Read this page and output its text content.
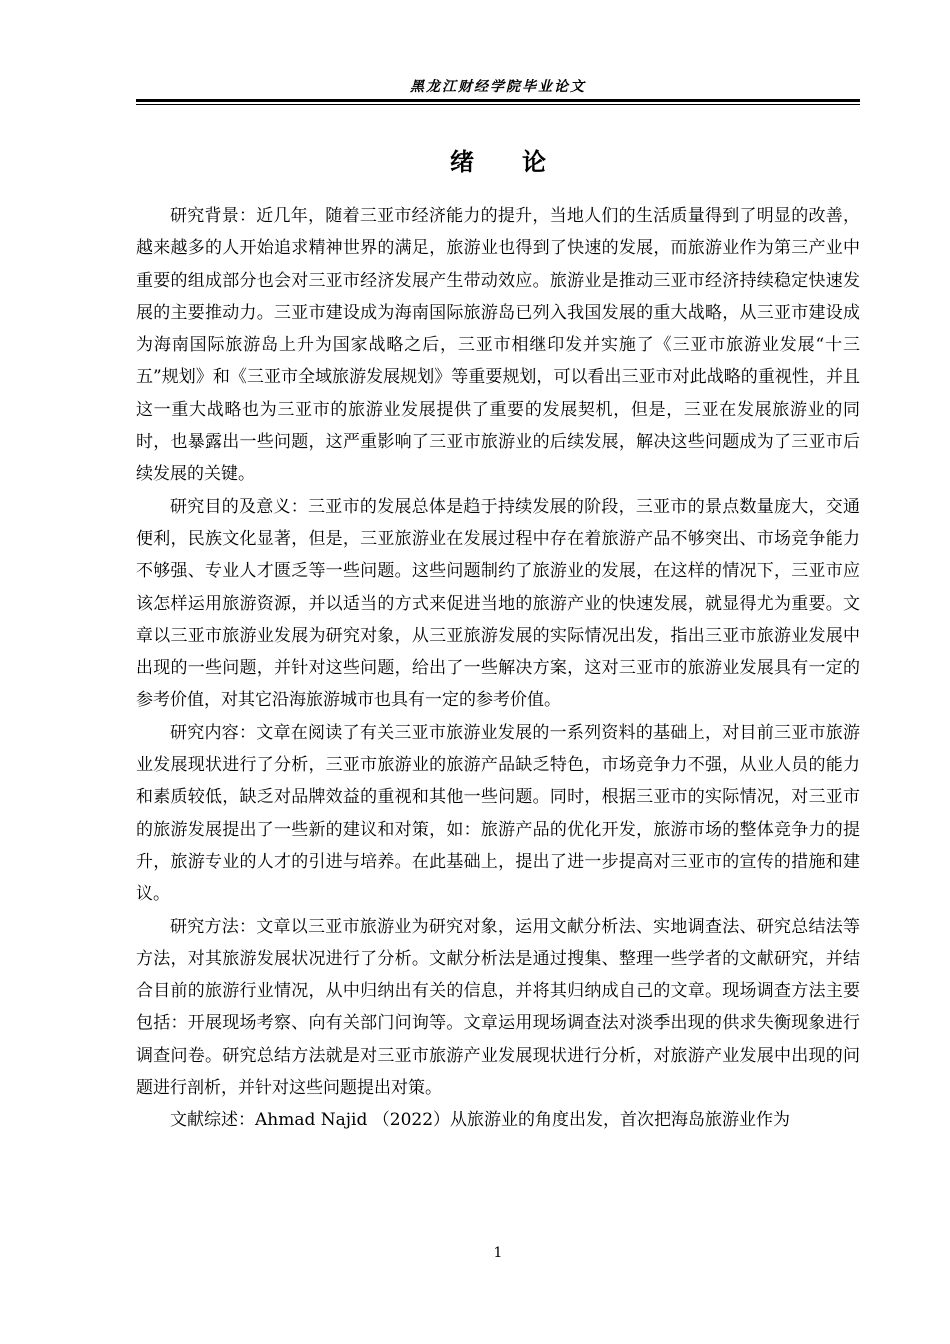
黑龙江财经学院毕业论文
绪论

研究背景：近几年，随着三亚市经济能力的提升，当地人们的生活质量得到了明显的改善，越来越多的人开始追求精神世界的满足，旅游业也得到了快速的发展，而旅游业作为第三产业中重要的组成部分也会对三亚市经济发展产生带动效应。旅游业是推动三亚市经济持续稳定快速发展的主要推动力。三亚市建设成为海南国际旅游岛已列入我国发展的重大战略，从三亚市建设成为海南国际旅游岛上升为国家战略之后，三亚市相继印发并实施了《三亚市旅游业发展“十三五”规划》和《三亚市全域旅游发展规划》等重要规划，可以看出三亚市对此战略的重视性，并且这一重大战略也为三亚市的旅游业发展提供了重要的发展契机，但是，三亚在发展旅游业的同时，也暴露出一些问题，这严重影响了三亚市旅游业的后续发展，解决这些问题成为了三亚市后续发展的关键。

研究目的及意义：三亚市的发展总体是趋于持续发展的阶段，三亚市的景点数量庞大，交通便利，民族文化显著，但是，三亚旅游业在发展过程中存在着旅游产品不够突出、市场竞争能力不够强、专业人才匮乏等一些问题。这些问题制约了旅游业的发展，在这样的情况下，三亚市应该怎样运用旅游资源，并以适当的方式来促进当地的旅游产业的快速发展，就显得尤为重要。文章以三亚市旅游业发展为研究对象，从三亚旅游发展的实际情况出发，指出三亚市旅游业发展中出现的一些问题，并针对这些问题，给出了一些解决方案，这对三亚市的旅游业发展具有一定的参考价值，对其它沿海旅游城市也具有一定的参考价值。

研究内容：文章在阅读了有关三亚市旅游业发展的一系列资料的基础上，对目前三亚市旅游业发展现状进行了分析，三亚市旅游业的旅游产品缺乏特色，市场竞争力不强，从业人员的能力和素质较低，缺乏对品牌效益的重视和其他一些问题。同时，根据三亚市的实际情况，对三亚市的旅游发展提出了一些新的建议和对策，如：旅游产品的优化开发，旅游市场的整体竞争力的提升，旅游专业的人才的引进与培养。在此基础上，提出了进一步提高对三亚市的宣传的措施和建议。

研究方法：文章以三亚市旅游业为研究对象，运用文献分析法、实地调查法、研究总结法等方法，对其旅游发展状况进行了分析。文献分析法是通过搜集、整理一些学者的文献研究，并结合目前的旅游行业情况，从中归纳出有关的信息，并将其归纳成自己的文章。现场调查方法主要包括：开展现场考察、向有关部门问询等。文章运用现场调查法对淡季出现的供求失衡现象进行调查问卷。研究总结方法就是对三亚市旅游产业发展现状进行分析，对旅游产业发展中出现的问题进行剖析，并针对这些问题提出对策。

文献综述：Ahmad Najid （2022）从旅游业的角度出发，首次把海岛旅游业作为

1
